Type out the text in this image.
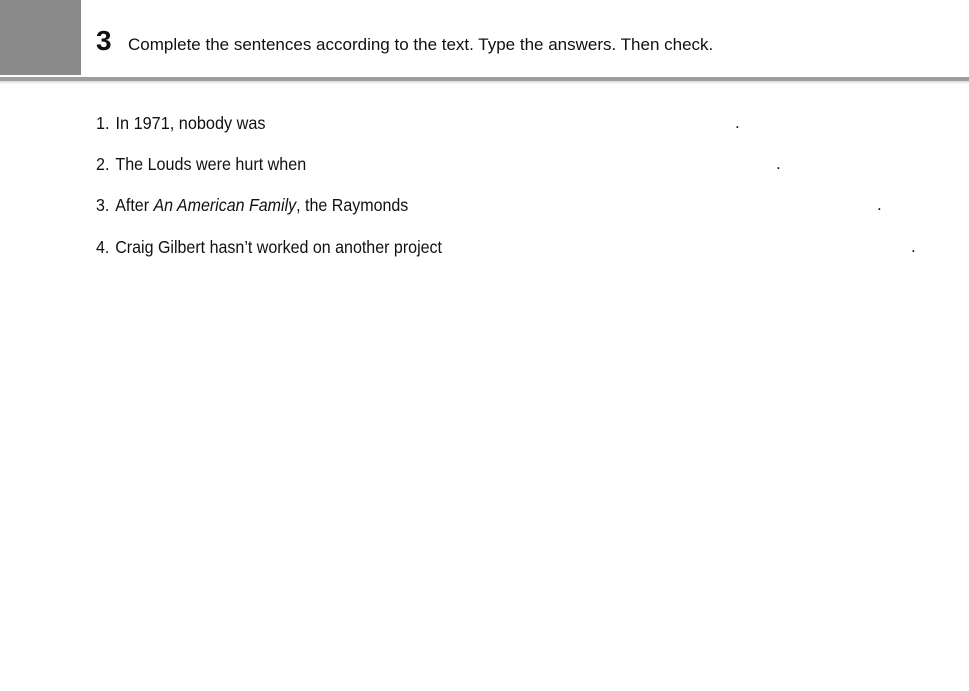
3 Complete the sentences according to the text. Type the answers. Then check.
1. In 1971, nobody was	.
2. The Louds were hurt when	.
3. After An American Family, the Raymonds	.
4. Craig Gilbert hasn’t worked on another project	.
